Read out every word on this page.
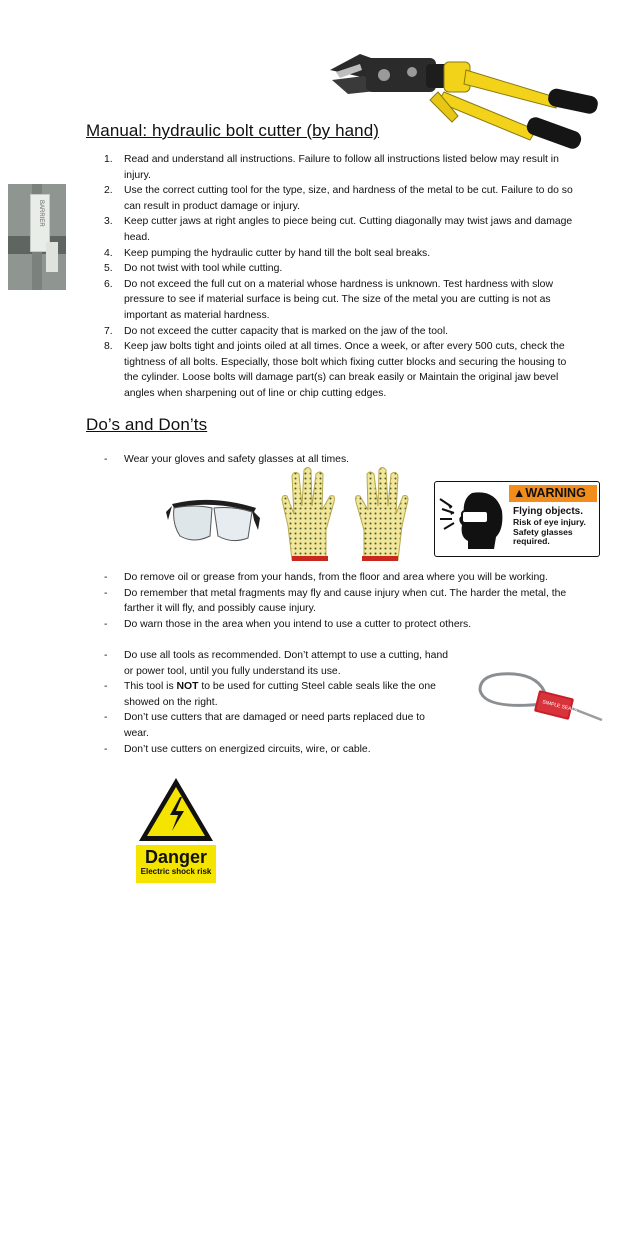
Manual: hydraulic bolt cutter (by hand)
BARRIER
1. Read and understand all instructions. Failure to follow all instructions listed below may result in injury.
2. Use the correct cutting tool for the type, size, and hardness of the metal to be cut. Failure to do so can result in product damage or injury.
3. Keep cutter jaws at right angles to piece being cut. Cutting diagonally may twist jaws and damage head.
4. Keep pumping the hydraulic cutter by hand till the bolt seal breaks.
5. Do not twist with tool while cutting.
6. Do not exceed the full cut on a material whose hardness is unknown. Test hardness with slow pressure to see if material surface is being cut. The size of the metal you are cutting is not as important as material hardness.
7. Do not exceed the cutter capacity that is marked on the jaw of the tool.
8. Keep jaw bolts tight and joints oiled at all times. Once a week, or after every 500 cuts, check the tightness of all bolts. Especially, those bolt which fixing cutter blocks and securing the housing to the cylinder. Loose bolts will damage part(s) can break easily or Maintain the original jaw bevel angles when sharpening out of line or chip cutting edges.
Do’s and Don’ts
- Wear your gloves and safety glasses at all times.
▲WARNING
Flying objects.
Risk of eye injury.
Safety glasses required.
- Do remove oil or grease from your hands, from the floor and area where you will be working.
- Do remember that metal fragments may fly and cause injury when cut. The harder the metal, the farther it will fly, and possibly cause injury.
- Do warn those in the area when you intend to use a cutter to protect others.
- Do use all tools as recommended. Don’t attempt to use a cutting, hand or power tool, until you fully understand its use.
- This tool is NOT to be used for cutting Steel cable seals like the one showed on the right.
- Don’t use cutters that are damaged or need parts replaced due to wear.
- Don’t use cutters on energized circuits, wire, or cable.
SIMPLE SEALS
Danger
Electric shock risk
